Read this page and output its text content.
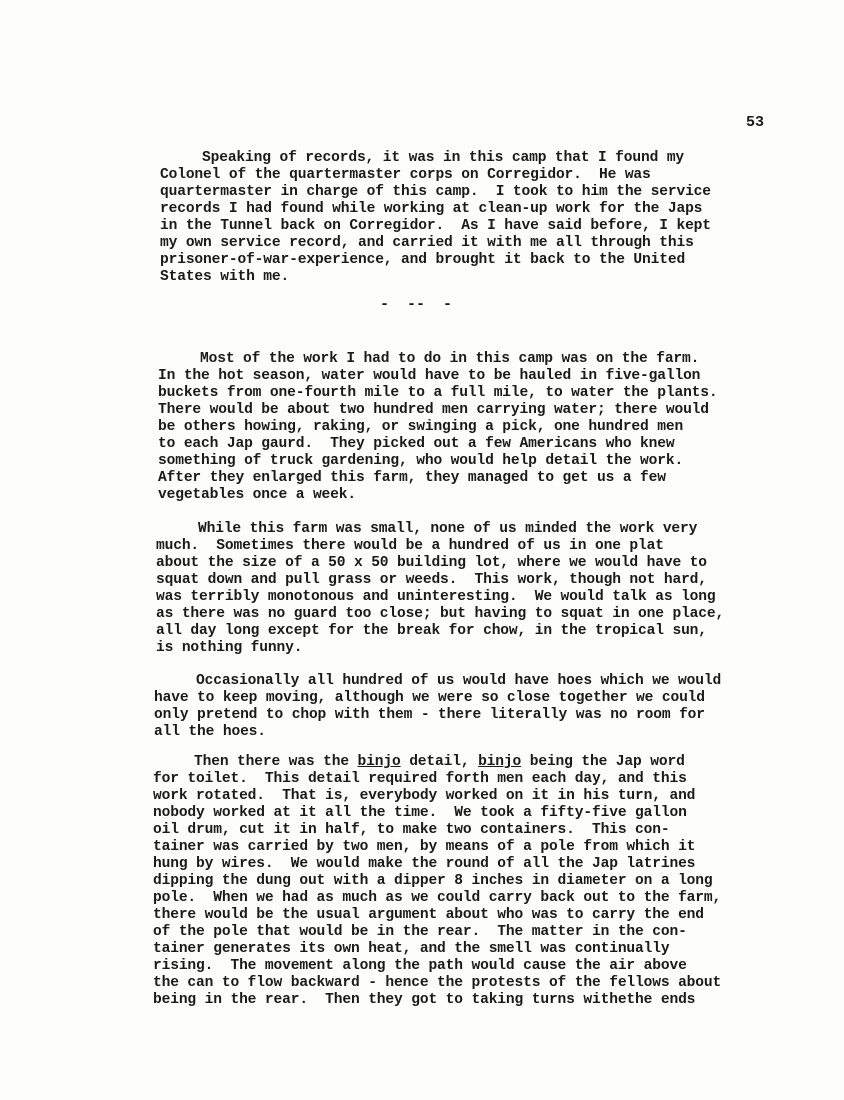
53
Speaking of records, it was in this camp that I found my
Colonel of the quartermaster corps on Corregidor.  He was
quartermaster in charge of this camp.  I took to him the service
records I had found while working at clean-up work for the Japs
in the Tunnel back on Corregidor.  As I have said before, I kept
my own service record, and carried it with me all through this
prisoner-of-war-experience, and brought it back to the United
States with me.
-  --  -
Most of the work I had to do in this camp was on the farm.
In the hot season, water would have to be hauled in five-gallon
buckets from one-fourth mile to a full mile, to water the plants.
There would be about two hundred men carrying water; there would
be others howing, raking, or swinging a pick, one hundred men
to each Jap gaurd.  They picked out a few Americans who knew
something of truck gardening, who would help detail the work.
After they enlarged this farm, they managed to get us a few
vegetables once a week.
While this farm was small, none of us minded the work very
much.  Sometimes there would be a hundred of us in one plat
about the size of a 50 x 50 building lot, where we would have to
squat down and pull grass or weeds.  This work, though not hard,
was terribly monotonous and uninteresting.  We would talk as long
as there was no guard too close; but having to squat in one place,
all day long except for the break for chow, in the tropical sun,
is nothing funny.
Occasionally all hundred of us would have hoes which we would
have to keep moving, although we were so close together we could
only pretend to chop with them - there literally was no room for
all the hoes.
Then there was the binjo detail, binjo being the Jap word
for toilet.  This detail required forth men each day, and this
work rotated.  That is, everybody worked on it in his turn, and
nobody worked at it all the time.  We took a fifty-five gallon
oil drum, cut it in half, to make two containers.  This con-
tainer was carried by two men, by means of a pole from which it
hung by wires.  We would make the round of all the Jap latrines
dipping the dung out with a dipper 8 inches in diameter on a long
pole.  When we had as much as we could carry back out to the farm,
there would be the usual argument about who was to carry the end
of the pole that would be in the rear.  The matter in the con-
tainer generates its own heat, and the smell was continually
rising.  The movement along the path would cause the air above
the can to flow backward - hence the protests of the fellows about
being in the rear.  Then they got to taking turns withethe ends
